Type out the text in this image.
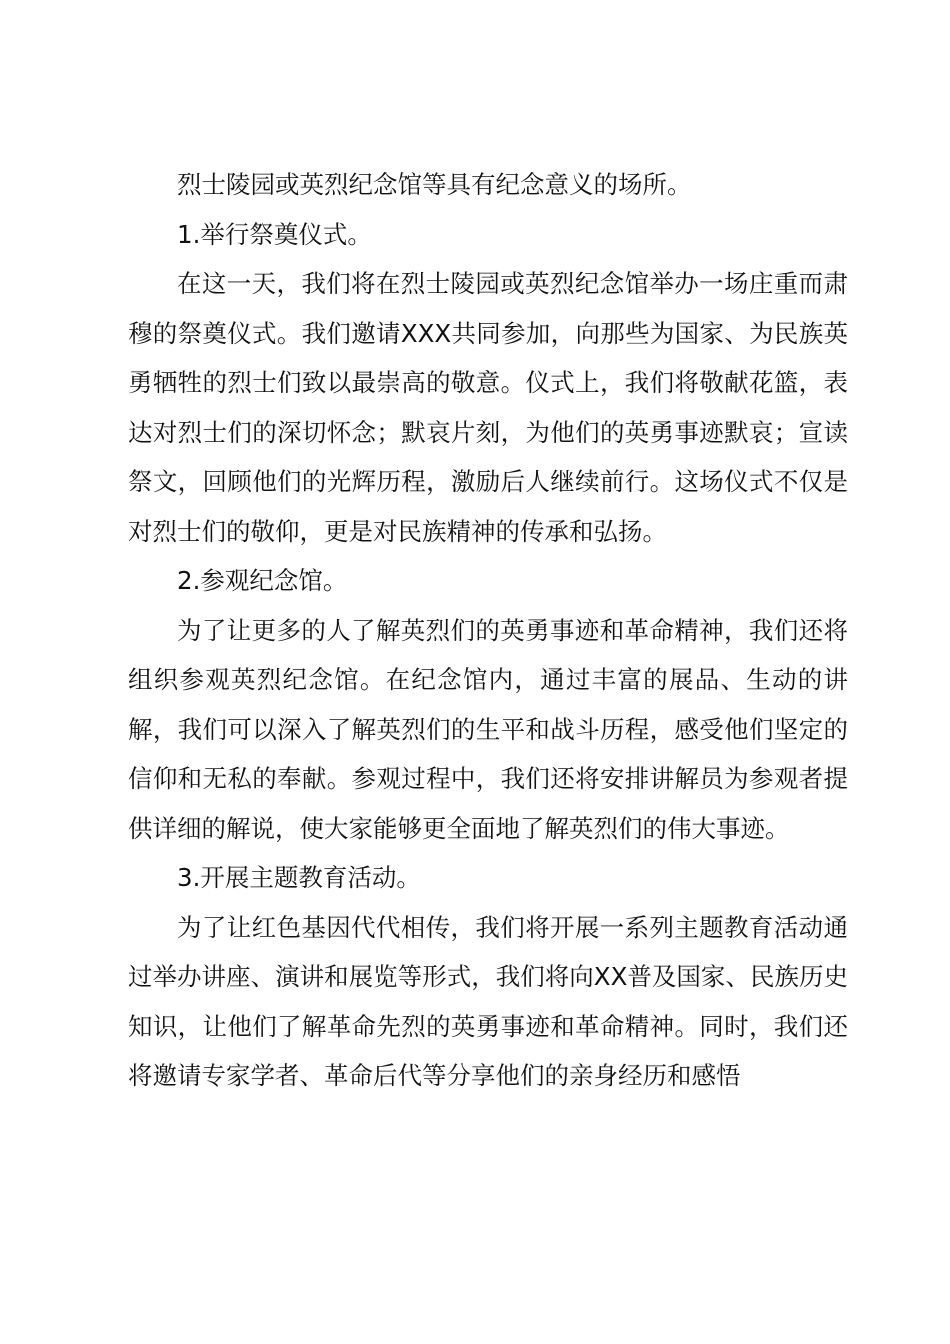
烈士陵园或英烈纪念馆等具有纪念意义的场所。

1.举行祭奠仪式。

在这一天，我们将在烈士陵园或英烈纪念馆举办一场庄重而肃穆的祭奠仪式。我们邀请XXX共同参加，向那些为国家、为民族英勇牺牲的烈士们致以最崇高的敬意。仪式上，我们将敬献花篮，表达对烈士们的深切怀念；默哀片刻，为他们的英勇事迹默哀；宣读祭文，回顾他们的光辉历程，激励后人继续前行。这场仪式不仅是对烈士们的敬仰，更是对民族精神的传承和弘扬。

2.参观纪念馆。

为了让更多的人了解英烈们的英勇事迹和革命精神，我们还将组织参观英烈纪念馆。在纪念馆内，通过丰富的展品、生动的讲解，我们可以深入了解英烈们的生平和战斗历程，感受他们坚定的信仰和无私的奉献。参观过程中，我们还将安排讲解员为参观者提供详细的解说，使大家能够更全面地了解英烈们的伟大事迹。

3.开展主题教育活动。

为了让红色基因代代相传，我们将开展一系列主题教育活动通过举办讲座、演讲和展览等形式，我们将向XX普及国家、民族历史知识，让他们了解革命先烈的英勇事迹和革命精神。同时，我们还将邀请专家学者、革命后代等分享他们的亲身经历和感悟
